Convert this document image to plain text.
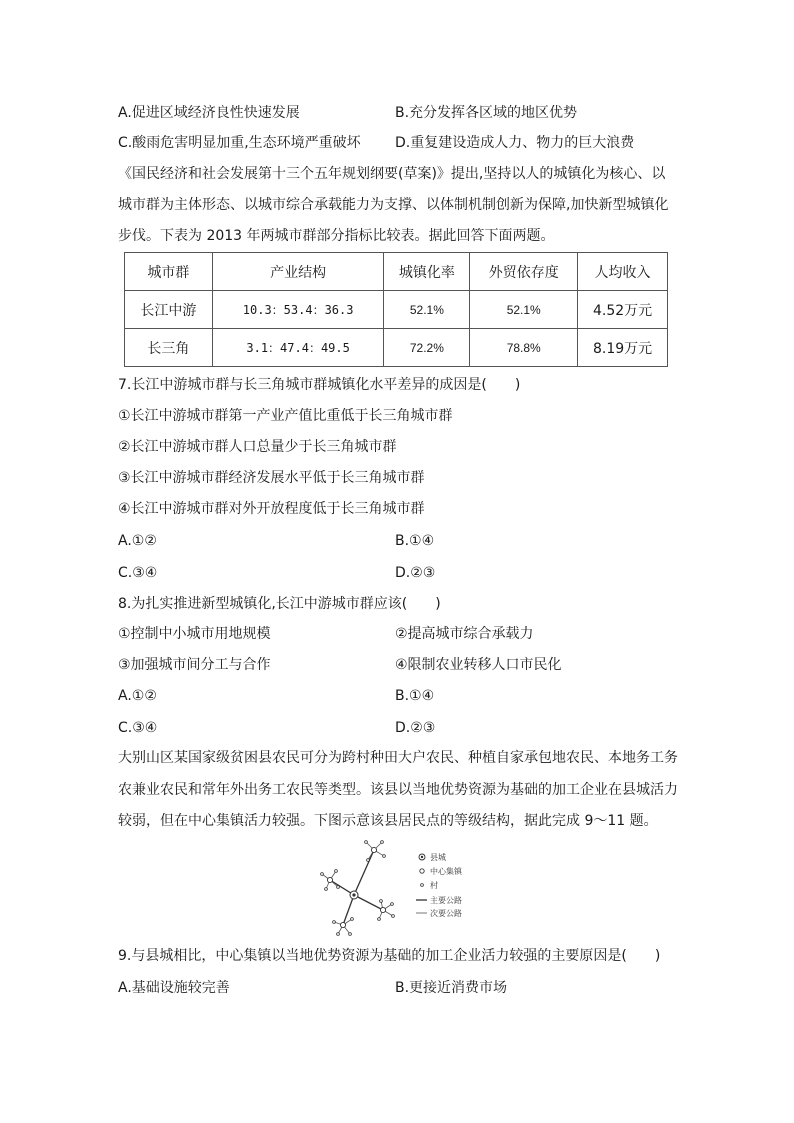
A.促进区域经济良性快速发展	B.充分发挥各区域的地区优势
C.酸雨危害明显加重,生态环境严重破坏 D.重复建设造成人力、物力的巨大浪费
《国民经济和社会发展第十三个五年规划纲要(草案)》提出,坚持以人的城镇化为核心、以
城市群为主体形态、以城市综合承载能力为支撑、以体制机制创新为保障,加快新型城镇化
步伐。下表为 2013 年两城市群部分指标比较表。据此回答下面两题。
城市群	产业结构	城镇化率	外贸依存度	人均收入
长江中游	10.3：53.4：36.3	52.1%	52.1%	4.52万元
长三角	3.1：47.4：49.5	72.2%	78.8%	8.19万元
7.长江中游城市群与长三角城市群城镇化水平差异的成因是(　　)
①长江中游城市群第一产业产值比重低于长三角城市群
②长江中游城市群人口总量少于长三角城市群
③长江中游城市群经济发展水平低于长三角城市群
④长江中游城市群对外开放程度低于长三角城市群
A.①②	B.①④
C.③④	D.②③
8.为扎实推进新型城镇化,长江中游城市群应该(　　)
①控制中小城市用地规模	②提高城市综合承载力
③加强城市间分工与合作	④限制农业转移人口市民化
A.①②	B.①④
C.③④	D.②③
大别山区某国家级贫困县农民可分为跨村种田大户农民、种植自家承包地农民、本地务工务
农兼业农民和常年外出务工农民等类型。该县以当地优势资源为基础的加工企业在县城活力
较弱，但在中心集镇活力较强。下图示意该县居民点的等级结构，据此完成 9～11 题。
县城
中心集镇
村
主要公路
次要公路
9.与县城相比，中心集镇以当地优势资源为基础的加工企业活力较强的主要原因是(　　)
A.基础设施较完善	B.更接近消费市场
